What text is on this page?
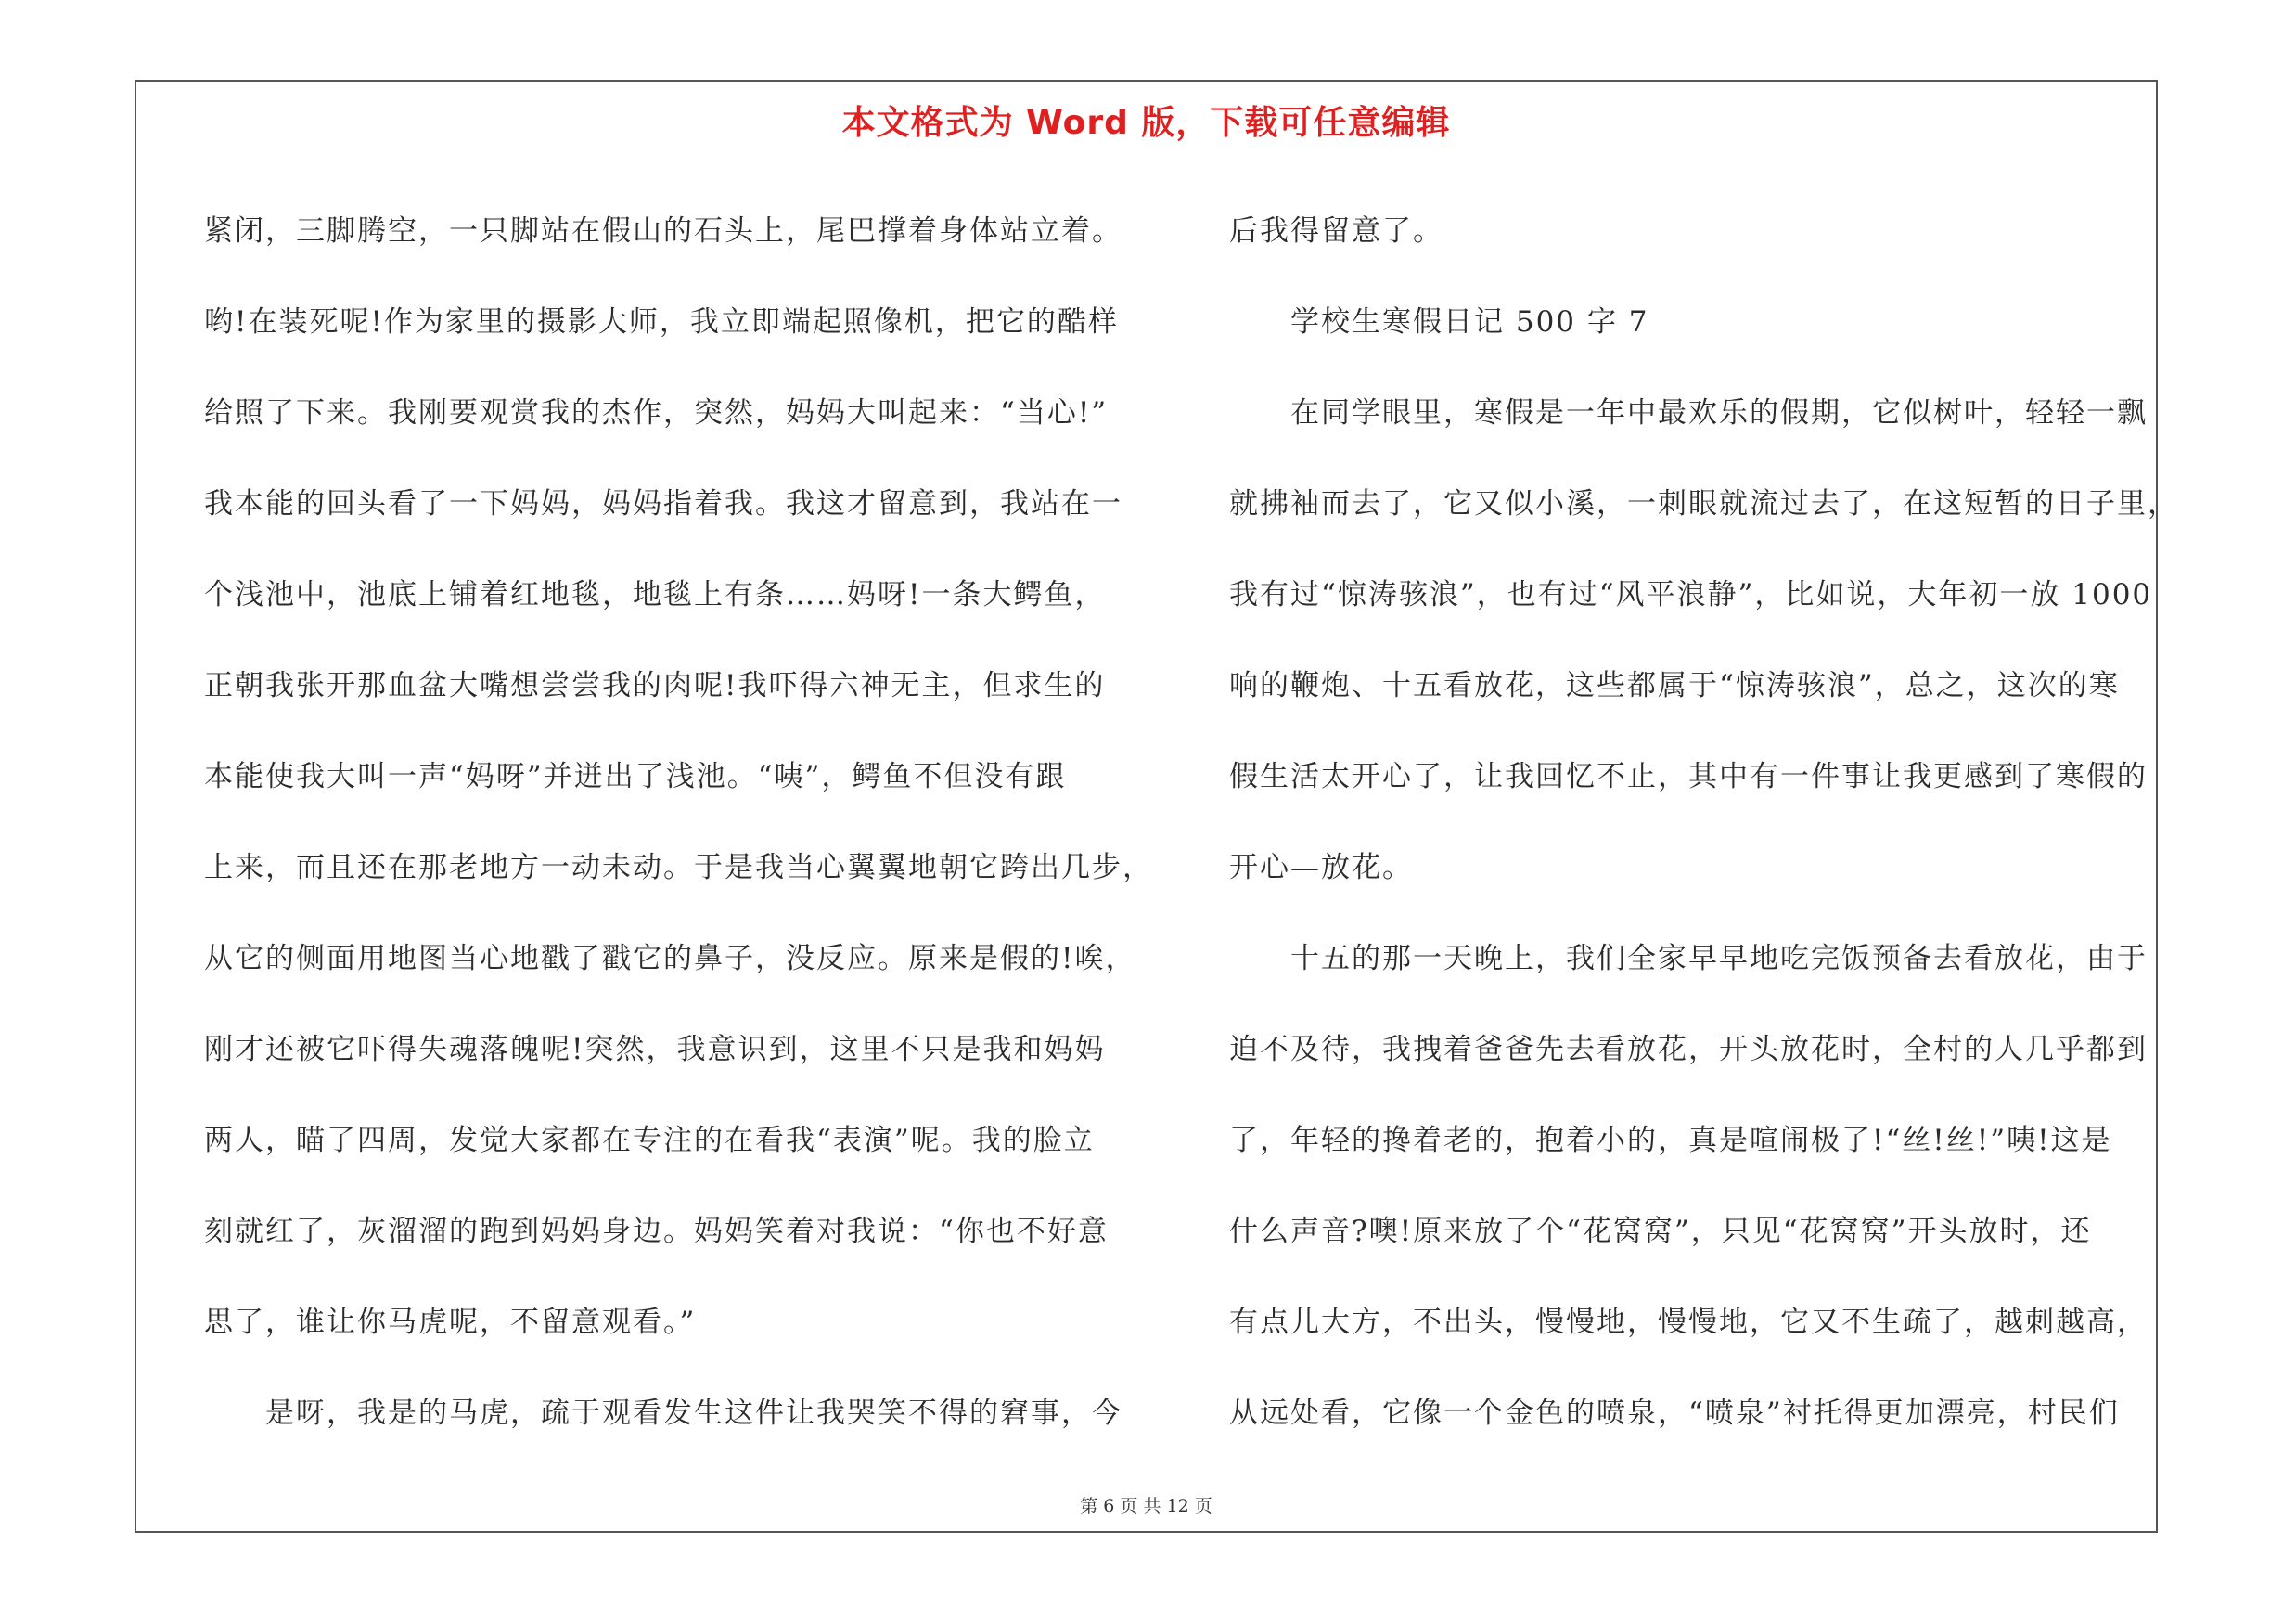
本文格式为 Word 版，下载可任意编辑
紧闭，三脚腾空，一只脚站在假山的石头上，尾巴撑着身体站立着。
哟!在装死呢!作为家里的摄影大师，我立即端起照像机，把它的酷样
给照了下来。我刚要观赏我的杰作，突然，妈妈大叫起来：“当心!”
我本能的回头看了一下妈妈，妈妈指着我。我这才留意到，我站在一
个浅池中，池底上铺着红地毯，地毯上有条……妈呀!一条大鳄鱼，
正朝我张开那血盆大嘴想尝尝我的肉呢!我吓得六神无主，但求生的
本能使我大叫一声“妈呀”并迸出了浅池。“咦”，鳄鱼不但没有跟
上来，而且还在那老地方一动未动。于是我当心翼翼地朝它跨出几步，
从它的侧面用地图当心地戳了戳它的鼻子，没反应。原来是假的!唉，
刚才还被它吓得失魂落魄呢!突然，我意识到，这里不只是我和妈妈
两人，瞄了四周，发觉大家都在专注的在看我“表演”呢。我的脸立
刻就红了，灰溜溜的跑到妈妈身边。妈妈笑着对我说：“你也不好意
思了，谁让你马虎呢，不留意观看。”
是呀，我是的马虎，疏于观看发生这件让我哭笑不得的窘事，今
后我得留意了。
学校生寒假日记 500 字 7
在同学眼里，寒假是一年中最欢乐的假期，它似树叶，轻轻一飘
就拂袖而去了，它又似小溪，一刺眼就流过去了，在这短暂的日子里，
我有过“惊涛骇浪”，也有过“风平浪静”，比如说，大年初一放 1000
响的鞭炮、十五看放花，这些都属于“惊涛骇浪”，总之，这次的寒
假生活太开心了，让我回忆不止，其中有一件事让我更感到了寒假的
开心—放花。
十五的那一天晚上，我们全家早早地吃完饭预备去看放花，由于
迫不及待，我拽着爸爸先去看放花，开头放花时，全村的人几乎都到
了，年轻的搀着老的，抱着小的，真是喧闹极了!“丝!丝!”咦!这是
什么声音?噢!原来放了个“花窝窝”，只见“花窝窝”开头放时，还
有点儿大方，不出头，慢慢地，慢慢地，它又不生疏了，越刺越高，
从远处看，它像一个金色的喷泉，“喷泉”衬托得更加漂亮，村民们
第 6 页 共 12 页
